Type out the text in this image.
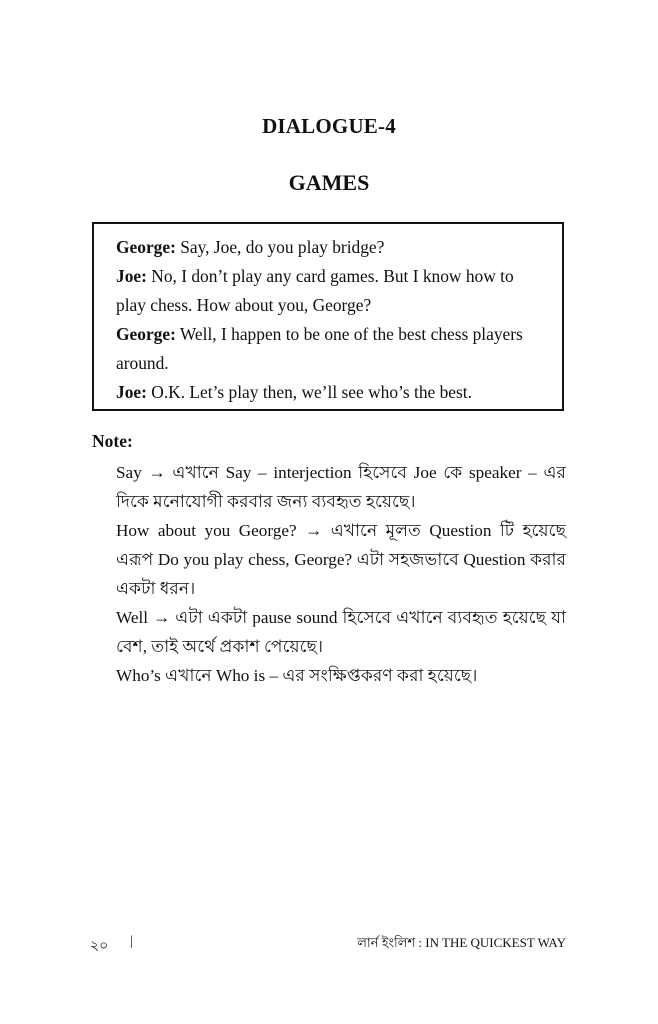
DIALOGUE-4
GAMES

George: Say, Joe, do you play bridge?

Joe: No, I don’t play any card games. But I know how to play chess. How about you, George?

George: Well, I happen to be one of the best chess players around.

Joe: O.K. Let’s play then, we’ll see who’s the best.

Note:

Say → এখানে Say – interjection হিসেবে Joe কে speaker – এর দিকে মনোযোগী করবার জন্য ব্যবহৃত হয়েছে।

How about you George? → এখানে মূলত Question টি হয়েছে এরূপ Do you play chess, George? এটা সহজভাবে Question করার একটা ধরন।

Well → এটা একটা pause sound হিসেবে এখানে ব্যবহৃত হয়েছে যা বেশ, তাই অর্থে প্রকাশ পেয়েছে।

Who’s এখানে Who is – এর সংক্ষিপ্তকরণ করা হয়েছে।

২০ |	লার্ন ইংলিশ : IN THE QUICKEST WAY
